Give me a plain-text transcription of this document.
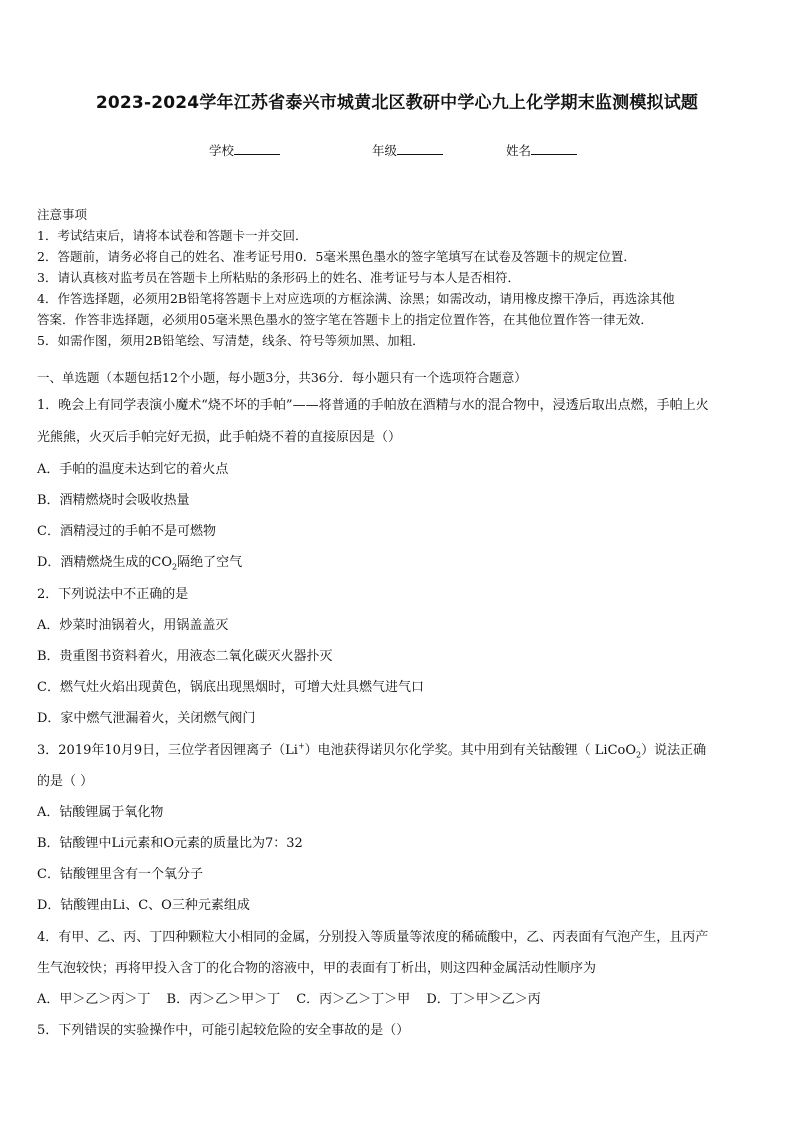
2023-2024学年江苏省泰兴市城黄北区教研中学心九上化学期末监测模拟试题
学校	年级	姓名
注意事项
1．考试结束后，请将本试卷和答题卡一并交回．
2．答题前，请务必将自己的姓名、准考证号用0．5毫米黑色墨水的签字笔填写在试卷及答题卡的规定位置．
3．请认真核对监考员在答题卡上所粘贴的条形码上的姓名、准考证号与本人是否相符．
4．作答选择题，必须用2B铅笔将答题卡上对应选项的方框涂满、涂黑；如需改动，请用橡皮擦干净后，再选涂其他
答案．作答非选择题，必须用05毫米黑色墨水的签字笔在答题卡上的指定位置作答，在其他位置作答一律无效．
5．如需作图，须用2B铅笔绘、写清楚，线条、符号等须加黑、加粗．
一、单选题（本题包括12个小题，每小题3分，共36分．每小题只有一个选项符合题意）
1．晚会上有同学表演小魔术“烧不坏的手帕”——将普通的手帕放在酒精与水的混合物中，浸透后取出点燃，手帕上火
光熊熊，火灭后手帕完好无损，此手帕烧不着的直接原因是（）
A．手帕的温度未达到它的着火点
B．酒精燃烧时会吸收热量
C．酒精浸过的手帕不是可燃物
D．酒精燃烧生成的$CO_2$隔绝了空气
2．下列说法中不正确的是
A．炒菜时油锅着火，用锅盖盖灭
B．贵重图书资料着火，用液态二氧化碳灭火器扑灭
C．燃气灶火焰出现黄色，锅底出现黑烟时，可增大灶具燃气进气口
D．家中燃气泄漏着火，关闭燃气阀门
3．2019年10月9日，三位学者因锂离子（Li+）电池获得诺贝尔化学奖。其中用到有关钴酸锂（ LiCoO$_2$）说法正确
的是（ ）
A．钴酸锂属于氧化物
B．钴酸锂中Li元素和O元素的质量比为7：32
C．钴酸锂里含有一个氧分子
D．钴酸锂由Li、C、O三种元素组成
4．有甲、乙、丙、丁四种颗粒大小相同的金属，分别投入等质量等浓度的稀硫酸中，乙、丙表面有气泡产生，且丙产
生气泡较快；再将甲投入含丁的化合物的溶液中，甲的表面有丁析出，则这四种金属活动性顺序为
A．甲＞乙＞丙＞丁 B．丙＞乙＞甲＞丁 C．丙＞乙＞丁＞甲 D．丁＞甲＞乙＞丙
5．下列错误的实验操作中，可能引起较危险的安全事故的是（）
